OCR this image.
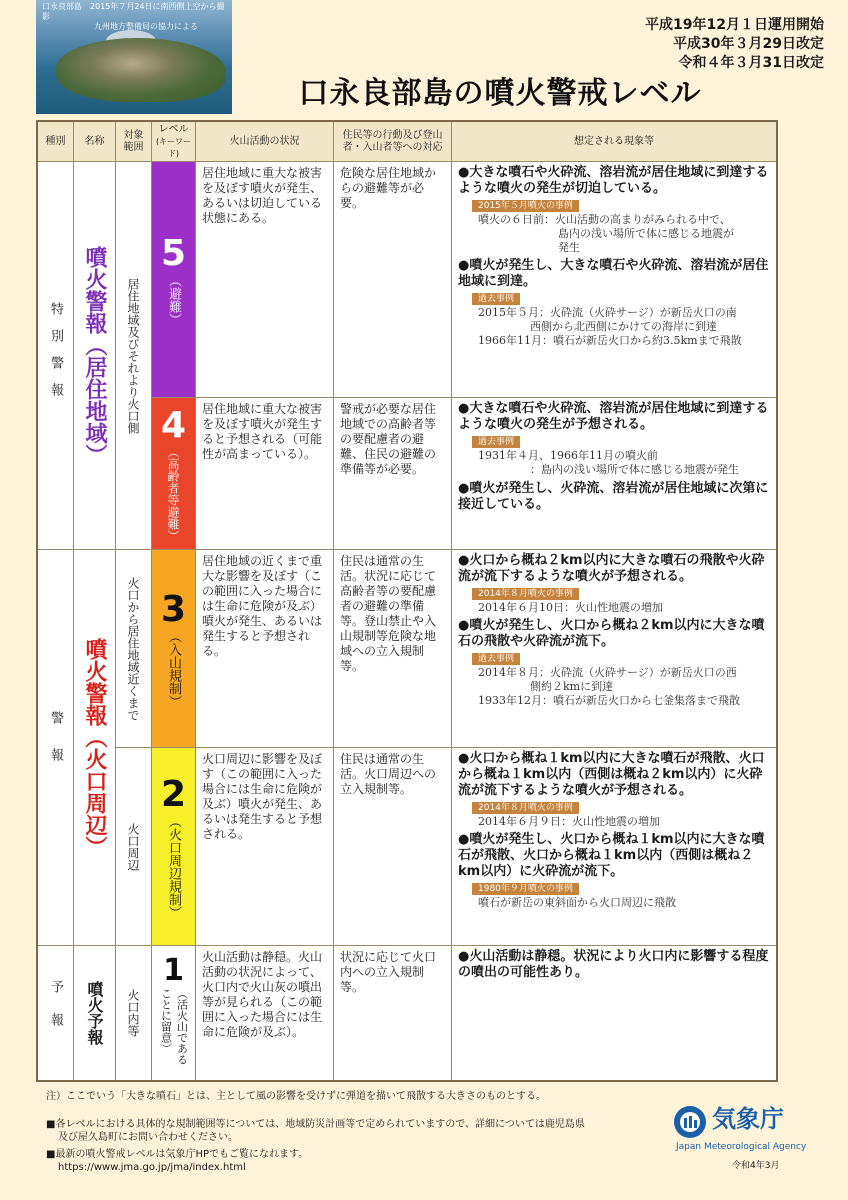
口永良部島　2015年７月24日に南西側上空から撮影
九州地方整備局の協力による	平成19年12月１日運用開始
平成30年３月29日改定
令和４年３月31日改定
口永良部島の噴火警戒レベル
種別	名称
対象範囲
レベル
(キーワード)
火山活動の状況
住民等の行動及び登山者・入山者等への対応
想定される現象等
特別警報
警報
予報
噴火警報（居住地域）
噴火警報（火口周辺）
噴火予報
居住地域及びそれより火口側
火口から居住地域近くまで
火口周辺
火口内等
5
（避難）
居住地域に重大な被害を及ぼす噴火が発生、あるいは切迫している状態にある。
危険な居住地域からの避難等が必要。
●大きな噴石や火砕流、溶岩流が居住地域に到達するような噴火の発生が切迫している。
2015年５月噴火の事例
噴火の６日前：火山活動の高まりがみられる中で、
島内の浅い場所で体に感じる地震が
発生
●噴火が発生し、大きな噴石や火砕流、溶岩流が居住地域に到達。
過去事例
2015年５月：火砕流（火砕サージ）が新岳火口の南
西側から北西側にかけての海岸に到達
1966年11月：噴石が新岳火口から約3.5kmまで飛散
4
（高齢者等避難）
居住地域に重大な被害を及ぼす噴火が発生すると予想される（可能性が高まっている）。
警戒が必要な居住地域での高齢者等の要配慮者の避難、住民の避難の準備等が必要。
●大きな噴石や火砕流、溶岩流が居住地域に到達するような噴火の発生が予想される。
過去事例
1931年４月、1966年11月の噴火前
：島内の浅い場所で体に感じる地震が発生
●噴火が発生し、火砕流、溶岩流が居住地域に次第に接近している。
3
（入山規制）
居住地域の近くまで重大な影響を及ぼす（この範囲に入った場合には生命に危険が及ぶ）噴火が発生、あるいは発生すると予想される。
住民は通常の生活。状況に応じて高齢者等の要配慮者の避難の準備等。登山禁止や入山規制等危険な地域への立入規制等。
●火口から概ね２km以内に大きな噴石の飛散や火砕流が流下するような噴火が予想される。
2014年８月噴火の事例
2014年６月10日：火山性地震の増加
●噴火が発生し、火口から概ね２km以内に大きな噴石の飛散や火砕流が流下。
過去事例
2014年８月：火砕流（火砕サージ）が新岳火口の西
側約２kmに到達
1933年12月：噴石が新岳火口から七釜集落まで飛散
2
（火口周辺規制）
火口周辺に影響を及ぼす（この範囲に入った場合には生命に危険が及ぶ）噴火が発生、あるいは発生すると予想される。
住民は通常の生活。火口周辺への立入規制等。
●火口から概ね１km以内に大きな噴石が飛散、火口から概ね１km以内（西側は概ね２km以内）に火砕流が流下するような噴火が予想される。
2014年８月噴火の事例
2014年６月９日：火山性地震の増加
●噴火が発生し、火口から概ね１km以内に大きな噴石が飛散、火口から概ね１km以内（西側は概ね２km以内）に火砕流が流下。
1980年９月噴火の事例
噴石が新岳の東斜面から火口周辺に飛散
1
（活火山であることに留意）
火山活動は静穏。火山活動の状況によって、火口内で火山灰の噴出等が見られる（この範囲に入った場合には生命に危険が及ぶ）。
状況に応じて火口内への立入規制等。
●火山活動は静穏。状況により火口内に影響する程度の噴出の可能性あり。
注）ここでいう「大きな噴石」とは、主として風の影響を受けずに弾道を描いて飛散する大きさのものとする。
■各レベルにおける具体的な規制範囲等については、地域防災計画等で定められていますので、詳細については鹿児島県
及び屋久島町にお問い合わせください。
■最新の噴火警戒レベルは気象庁HPでもご覧になれます。
https://www.jma.go.jp/jma/index.html
気象庁
Japan Meteorological Agency
令和4年3月
